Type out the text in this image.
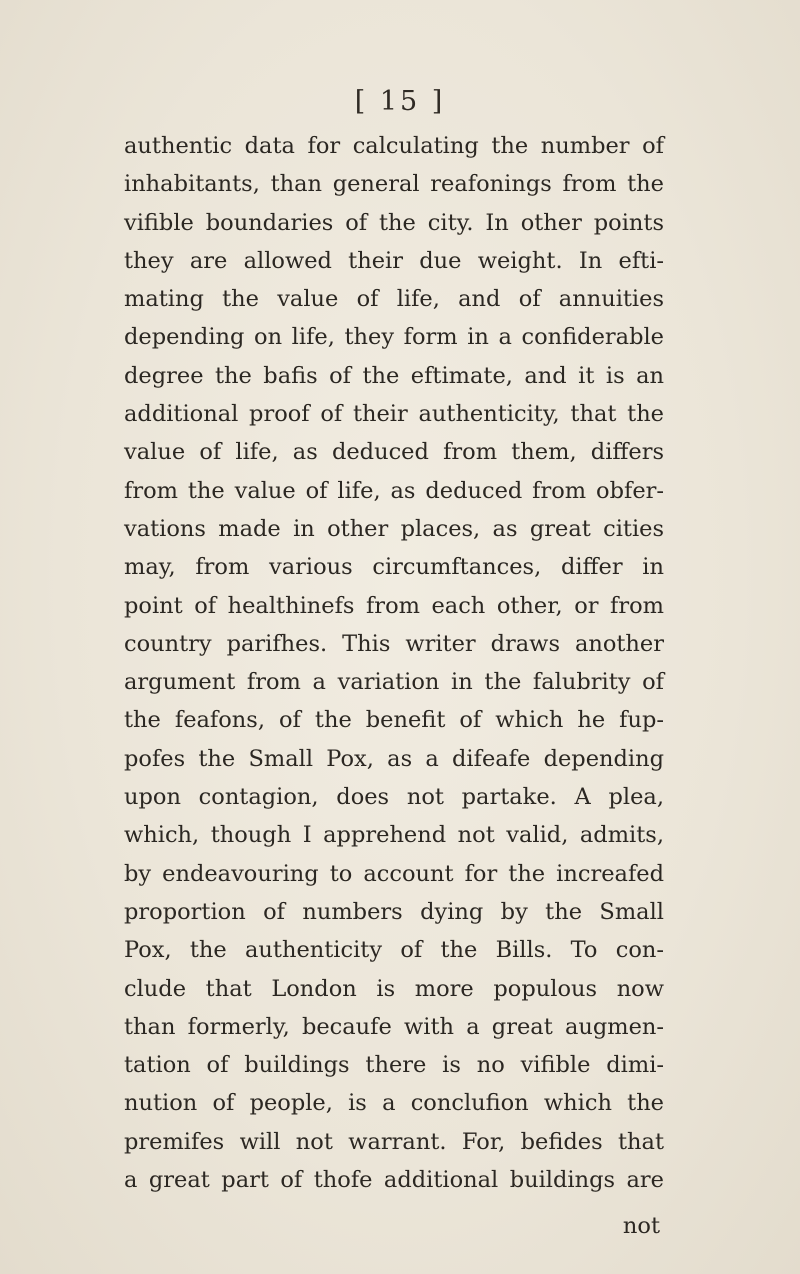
[ 15 ]
authentic data for calculating the number of
inhabitants, than general reafonings from the
vifible boundaries of the city. In other points
they are allowed their due weight. In efti-
mating the value of life, and of annuities
depending on life, they form in a confiderable
degree the bafis of the eftimate, and it is an
additional proof of their authenticity, that the
value of life, as deduced from them, differs
from the value of life, as deduced from obfer-
vations made in other places, as great cities
may, from various circumftances, differ in
point of healthinefs from each other, or from
country parifhes. This writer draws another
argument from a variation in the falubrity of
the feafons, of the benefit of which he fup-
pofes the Small Pox, as a difeafe depending
upon contagion, does not partake. A plea,
which, though I apprehend not valid, admits,
by endeavouring to account for the increafed
proportion of numbers dying by the Small
Pox, the authenticity of the Bills. To con-
clude that London is more populous now
than formerly, becaufe with a great augmen-
tation of buildings there is no vifible dimi-
nution of people, is a conclufion which the
premifes will not warrant. For, befides that
a great part of thofe additional buildings are
not
